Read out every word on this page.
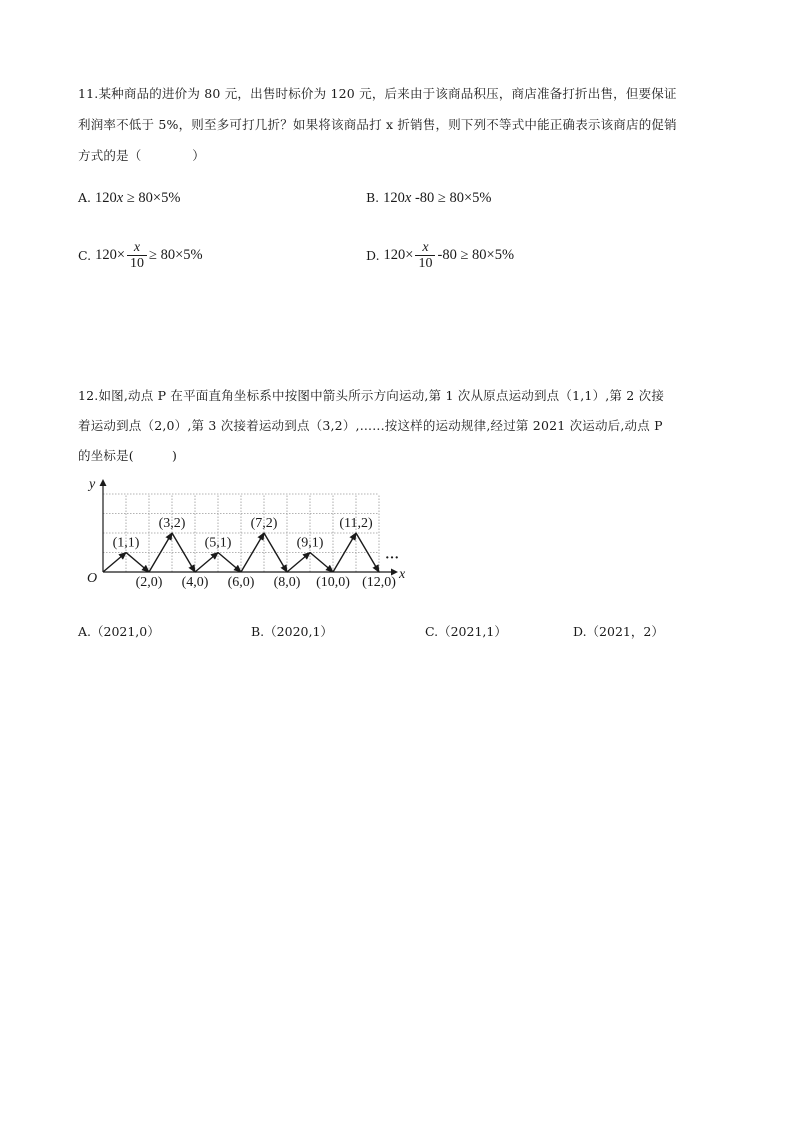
11.某种商品的进价为 80 元，出售时标价为 120 元，后来由于该商品积压，商店准备打折出售，但要保证
利润率不低于 5%，则至多可打几折？如果将该商品打 x 折销售，则下列不等式中能正确表示该商店的促销
方式的是（　　　　）
A. 120x ≥ 80×5%	B. 120x -80 ≥ 80×5%
C. $120\times \frac{x}{10} \ge 80\times 5\%$	D. $120\times \frac{x}{10} -80 \ge 80\times 5\%$
12.如图,动点 P 在平面直角坐标系中按图中箭头所示方向运动,第 1 次从原点运动到点（1,1）,第 2 次接
着运动到点（2,0）,第 3 次接着运动到点（3,2）,......按这样的运动规律,经过第 2021 次运动后,动点 P
的坐标是(　　　)
y
x
O
(1,1)
(2,0)
(3,2)
(4,0)
(5,1)
(6,0)
(7,2)
(8,0)
(9,1)
(10,0)
(11,2)
(12,0)
…
A.（2021,0）	B.（2020,1）	C.（2021,1）	D.（2021，2）
